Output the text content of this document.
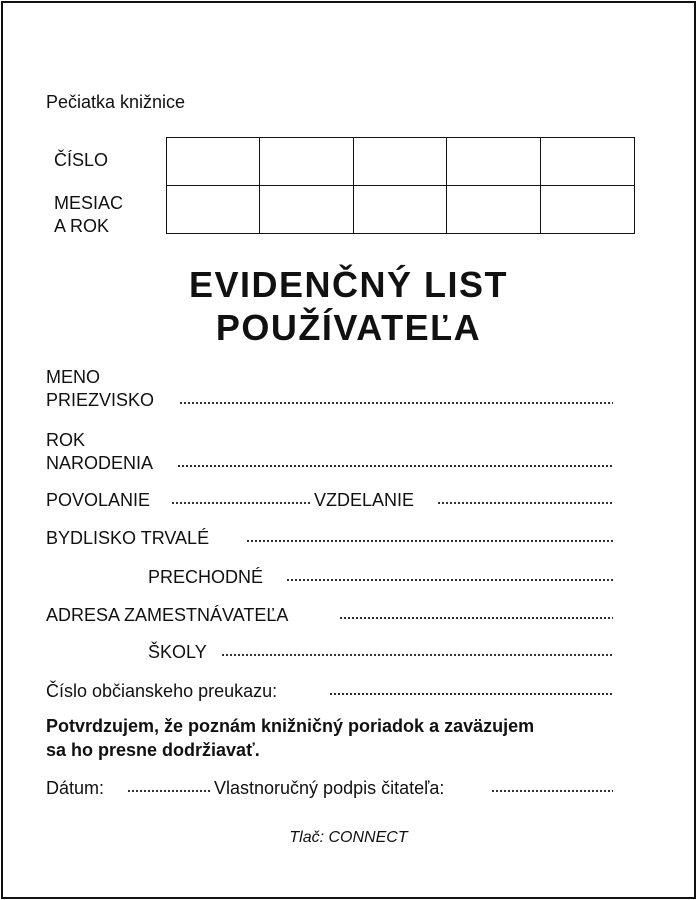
Pečiatka knižnice
ČÍSLO
MESIAC
A ROK
EVIDENČNÝ LIST
POUŽÍVATEĽA
MENO
PRIEZVISKO
ROK
NARODENIA
POVOLANIE	VZDELANIE
BYDLISKO TRVALÉ
PRECHODNÉ
ADRESA ZAMESTNÁVATEĽA
ŠKOLY
Číslo občianskeho preukazu:
Potvrdzujem, že poznám knižničný poriadok a zaväzujem
sa ho presne dodržiavať.
Dátum:	Vlastnoručný podpis čitateľa:
Tlač: CONNECT
